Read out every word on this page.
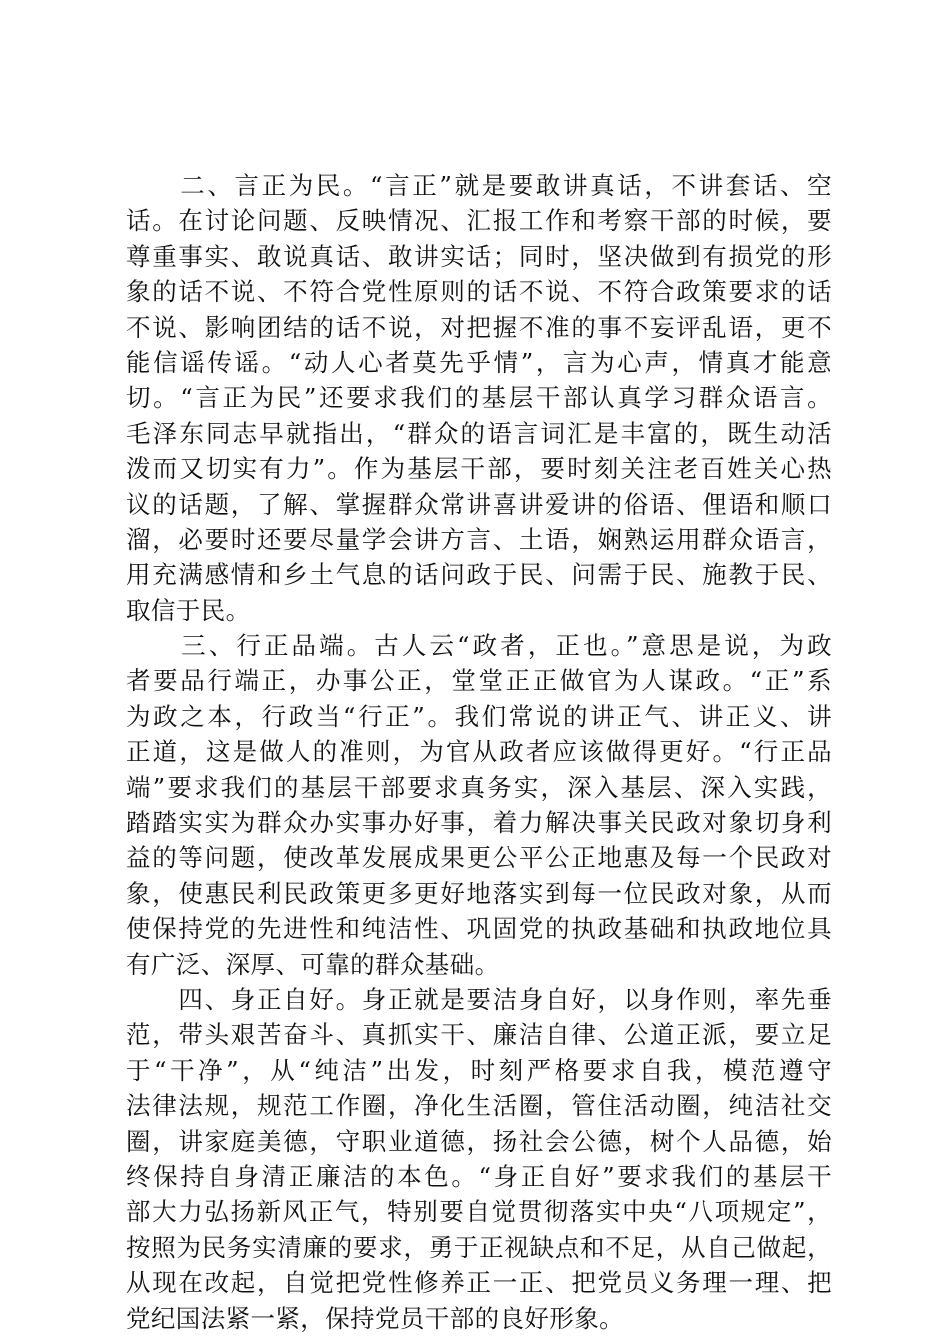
　　二、言正为民。“言正”就是要敢讲真话，不讲套话、空
话。在讨论问题、反映情况、汇报工作和考察干部的时候，要
尊重事实、敢说真话、敢讲实话；同时，坚决做到有损党的形
象的话不说、不符合党性原则的话不说、不符合政策要求的话
不说、影响团结的话不说，对把握不准的事不妄评乱语，更不
能信谣传谣。“动人心者莫先乎情”，言为心声，情真才能意
切。“言正为民”还要求我们的基层干部认真学习群众语言。
毛泽东同志早就指出，“群众的语言词汇是丰富的，既生动活
泼而又切实有力”。作为基层干部，要时刻关注老百姓关心热
议的话题，了解、掌握群众常讲喜讲爱讲的俗语、俚语和顺口
溜，必要时还要尽量学会讲方言、土语，娴熟运用群众语言，
用充满感情和乡土气息的话问政于民、问需于民、施教于民、
取信于民。

　　三、行正品端。古人云“政者，正也。”意思是说，为政
者要品行端正，办事公正，堂堂正正做官为人谋政。“正”系
为政之本，行政当“行正”。我们常说的讲正气、讲正义、讲
正道，这是做人的准则，为官从政者应该做得更好。“行正品
端”要求我们的基层干部要求真务实，深入基层、深入实践，
踏踏实实为群众办实事办好事，着力解决事关民政对象切身利
益的等问题，使改革发展成果更公平公正地惠及每一个民政对
象，使惠民利民政策更多更好地落实到每一位民政对象，从而
使保持党的先进性和纯洁性、巩固党的执政基础和执政地位具
有广泛、深厚、可靠的群众基础。

　　四、身正自好。身正就是要洁身自好，以身作则，率先垂
范，带头艰苦奋斗、真抓实干、廉洁自律、公道正派，要立足
于“干净”，从“纯洁”出发，时刻严格要求自我，模范遵守
法律法规，规范工作圈，净化生活圈，管住活动圈，纯洁社交
圈，讲家庭美德，守职业道德，扬社会公德，树个人品德，始
终保持自身清正廉洁的本色。“身正自好”要求我们的基层干
部大力弘扬新风正气，特别要自觉贯彻落实中央“八项规定”，
按照为民务实清廉的要求，勇于正视缺点和不足，从自己做起，
从现在改起，自觉把党性修养正一正、把党员义务理一理、把
党纪国法紧一紧，保持党员干部的良好形象。
